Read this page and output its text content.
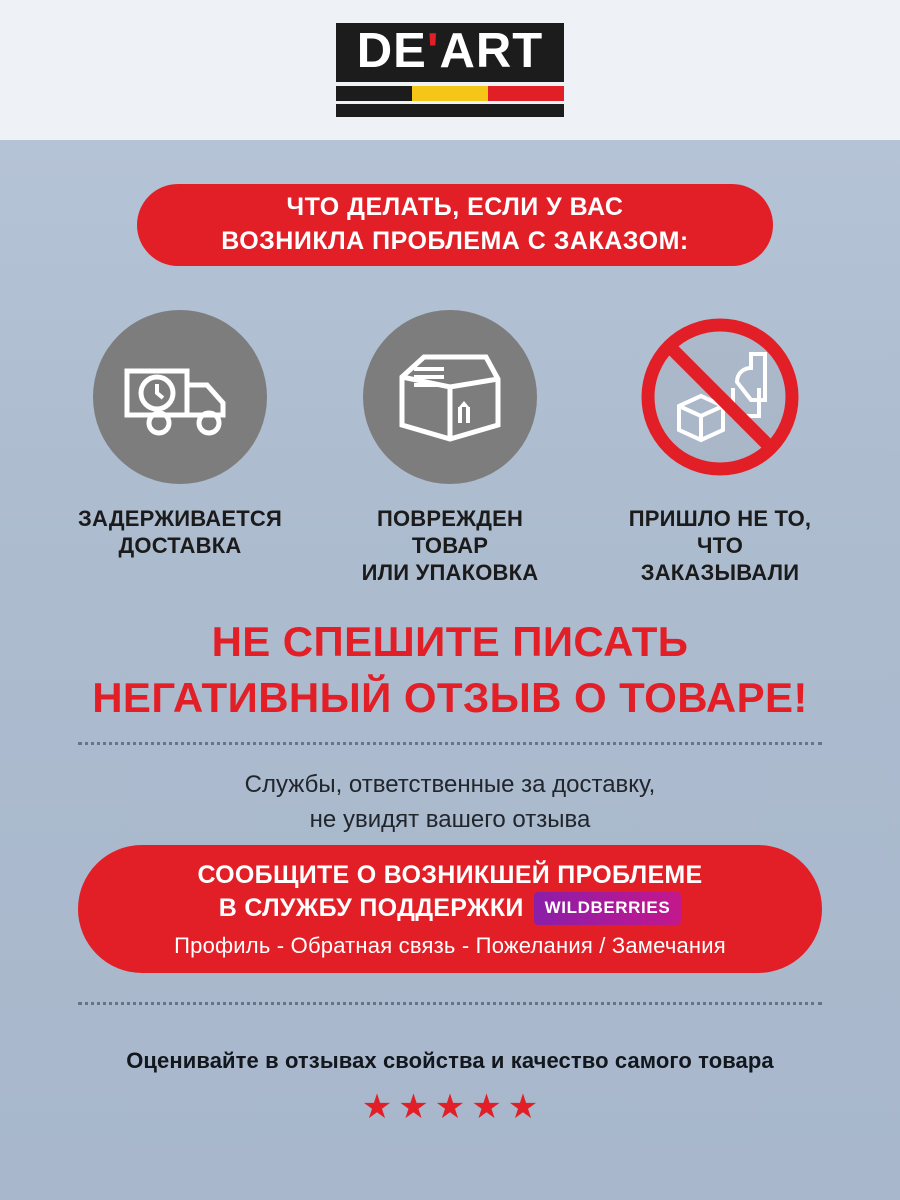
DE'ART
ЧТО ДЕЛАТЬ, ЕСЛИ У ВАС
ВОЗНИКЛА ПРОБЛЕМА С ЗАКАЗОМ:
ЗАДЕРЖИВАЕТСЯ
ДОСТАВКА
ПОВРЕЖДЕН ТОВАР
ИЛИ УПАКОВКА
ПРИШЛО НЕ ТО,
ЧТО ЗАКАЗЫВАЛИ
НЕ СПЕШИТЕ ПИСАТЬ
НЕГАТИВНЫЙ ОТЗЫВ О ТОВАРЕ!
Службы, ответственные за доставку,
не увидят вашего отзыва
СООБЩИТЕ О ВОЗНИКШЕЙ ПРОБЛЕМЕ
В СЛУЖБУ ПОДДЕРЖКИ	WILDBERRIES
Профиль - Обратная связь - Пожелания / Замечания
Оценивайте в отзывах свойства и качество самого товара
★ ★ ★ ★ ★
